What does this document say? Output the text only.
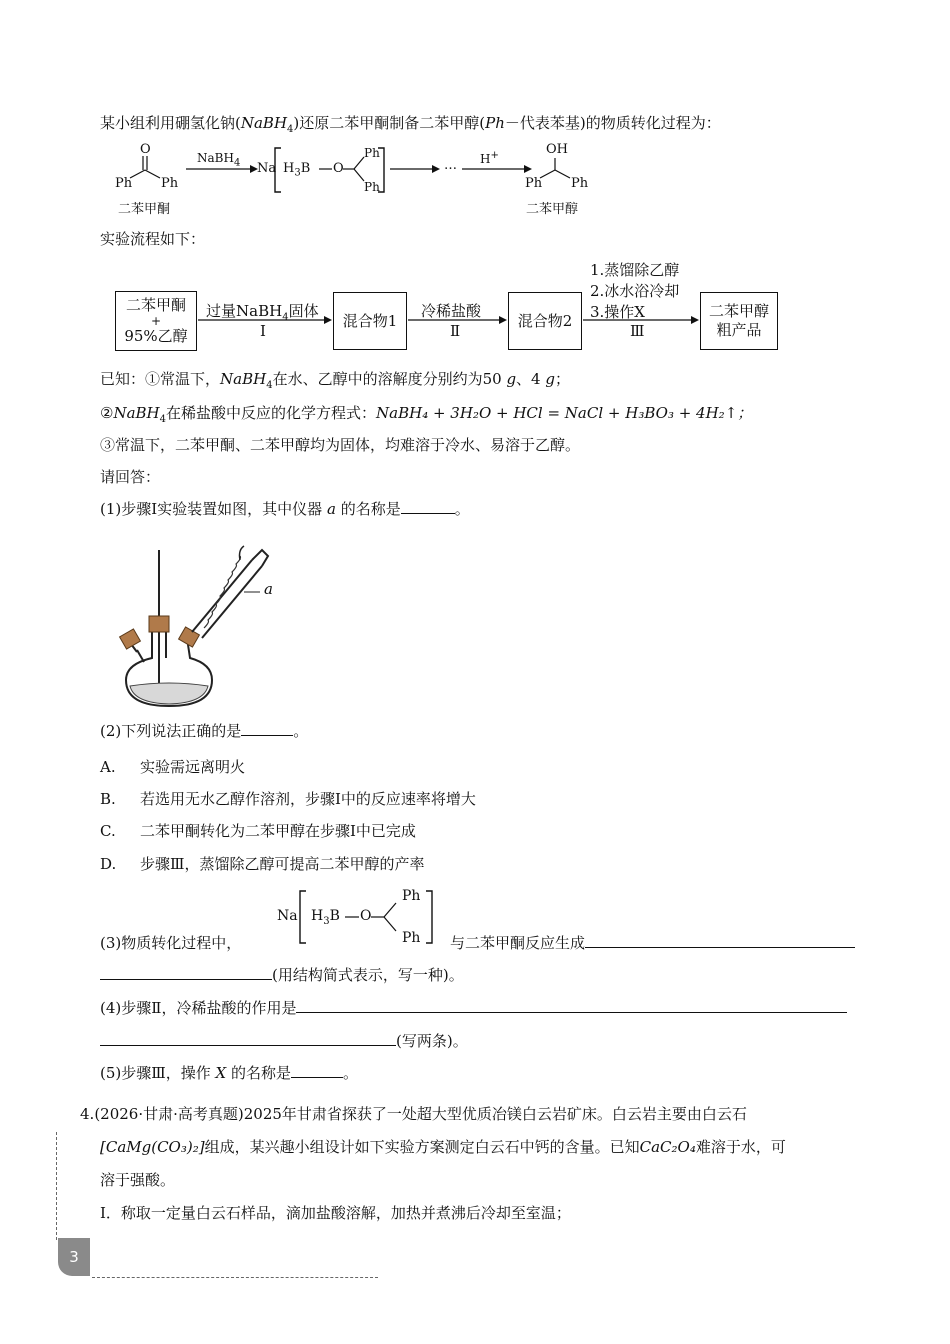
某小组利用硼氢化钠(NaBH$_4$)还原二苯甲酮制备二苯甲醇(Ph－代表苯基)的物质转化过程为：
O
Ph Ph
二苯甲酮
NaBH$_4$ Na $H_3B$ O
Ph
Ph
… H+	OH
Ph Ph
二苯甲醇
实验流程如下：
二苯甲酮
+
95%乙醇
混合物1	混合物2
二苯甲醇
粗产品
过量NaBH$_4$固体
Ⅰ
冷稀盐酸
Ⅱ
1.蒸馏除乙醇
2.冰水浴冷却
3.操作X
Ⅲ
已知：①常温下，NaBH$_4$在水、乙醇中的溶解度分别约为50 g、4 g；
②NaBH$_4$在稀盐酸中反应的化学方程式：NaBH₄ + 3H₂O + HCl = NaCl + H₃BO₃ + 4H₂↑；
③常温下，二苯甲酮、二苯甲醇均为固体，均难溶于冷水、易溶于乙醇。
请回答：
(1)步骤Ⅰ实验装置如图，其中仪器 a 的名称是	。
a
(2)下列说法正确的是	。
A. 实验需远离明火
B. 若选用无水乙醇作溶剂，步骤Ⅰ中的反应速率将增大
C. 二苯甲酮转化为二苯甲醇在步骤Ⅰ中已完成
D. 步骤Ⅲ，蒸馏除乙醇可提高二苯甲醇的产率
(3)物质转化过程中，
Na $H_3B$ O
Ph
Ph 与二苯甲酮反应生成
(用结构简式表示，写一种)。
(4)步骤Ⅱ，冷稀盐酸的作用是
(写两条)。
(5)步骤Ⅲ，操作 X 的名称是	。
4.(2026·甘肃·高考真题)2025年甘肃省探获了一处超大型优质冶镁白云岩矿床。白云岩主要由白云石
[CaMg(CO₃)₂]组成，某兴趣小组设计如下实验方案测定白云石中钙的含量。已知CaC₂O₄难溶于水，可
溶于强酸。
Ⅰ．称取一定量白云石样品，滴加盐酸溶解，加热并煮沸后冷却至室温；
3
